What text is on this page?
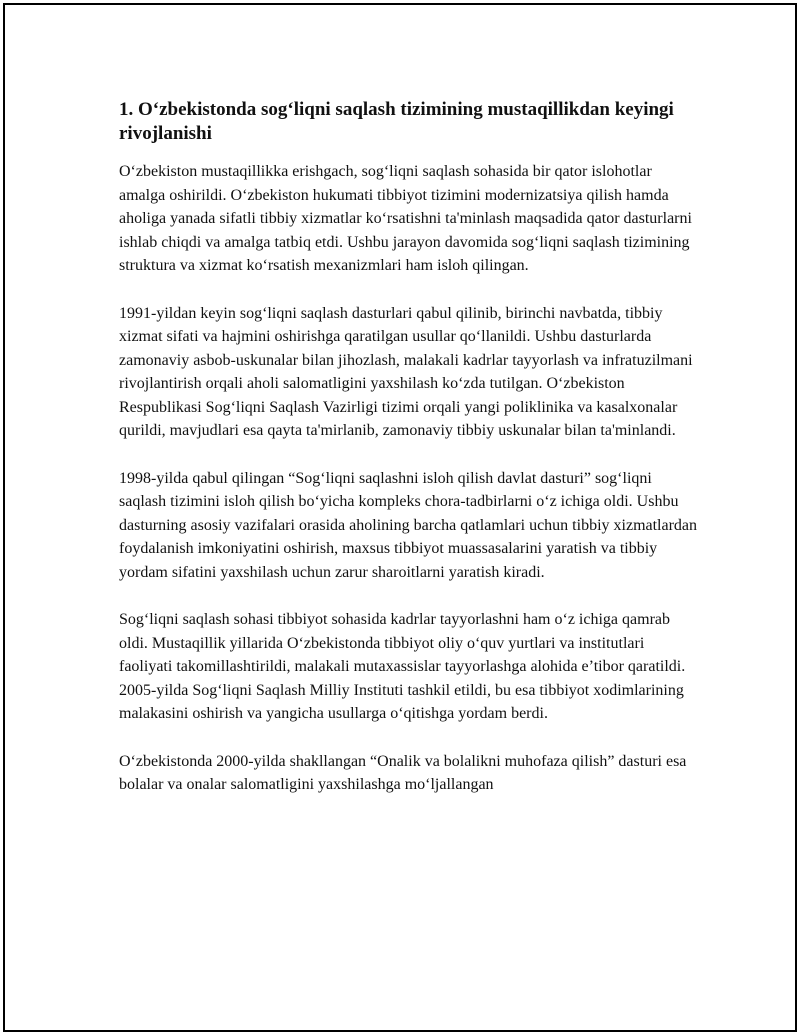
1. O‘zbekistonda sog‘liqni saqlash tizimining mustaqillikdan keyingi rivojlanishi

O‘zbekiston mustaqillikka erishgach, sog‘liqni saqlash sohasida bir qator islohotlar amalga oshirildi. O‘zbekiston hukumati tibbiyot tizimini modernizatsiya qilish hamda aholiga yanada sifatli tibbiy xizmatlar ko‘rsatishni ta'minlash maqsadida qator dasturlarni ishlab chiqdi va amalga tatbiq etdi. Ushbu jarayon davomida sog‘liqni saqlash tizimining struktura va xizmat ko‘rsatish mexanizmlari ham isloh qilingan.

1991-yildan keyin sog‘liqni saqlash dasturlari qabul qilinib, birinchi navbatda, tibbiy xizmat sifati va hajmini oshirishga qaratilgan usullar qo‘llanildi. Ushbu dasturlarda zamonaviy asbob-uskunalar bilan jihozlash, malakali kadrlar tayyorlash va infratuzilmani rivojlantirish orqali aholi salomatligini yaxshilash ko‘zda tutilgan. O‘zbekiston Respublikasi Sog‘liqni Saqlash Vazirligi tizimi orqali yangi poliklinika va kasalxonalar qurildi, mavjudlari esa qayta ta'mirlanib, zamonaviy tibbiy uskunalar bilan ta'minlandi.

1998-yilda qabul qilingan “Sog‘liqni saqlashni isloh qilish davlat dasturi” sog‘liqni saqlash tizimini isloh qilish bo‘yicha kompleks chora-tadbirlarni o‘z ichiga oldi. Ushbu dasturning asosiy vazifalari orasida aholining barcha qatlamlari uchun tibbiy xizmatlardan foydalanish imkoniyatini oshirish, maxsus tibbiyot muassasalarini yaratish va tibbiy yordam sifatini yaxshilash uchun zarur sharoitlarni yaratish kiradi.

Sog‘liqni saqlash sohasi tibbiyot sohasida kadrlar tayyorlashni ham o‘z ichiga qamrab oldi. Mustaqillik yillarida O‘zbekistonda tibbiyot oliy o‘quv yurtlari va institutlari faoliyati takomillashtirildi, malakali mutaxassislar tayyorlashga alohida e’tibor qaratildi. 2005-yilda Sog‘liqni Saqlash Milliy Instituti tashkil etildi, bu esa tibbiyot xodimlarining malakasini oshirish va yangicha usullarga o‘qitishga yordam berdi.

O‘zbekistonda 2000-yilda shakllangan “Onalik va bolalikni muhofaza qilish” dasturi esa bolalar va onalar salomatligini yaxshilashga mo‘ljallangan
